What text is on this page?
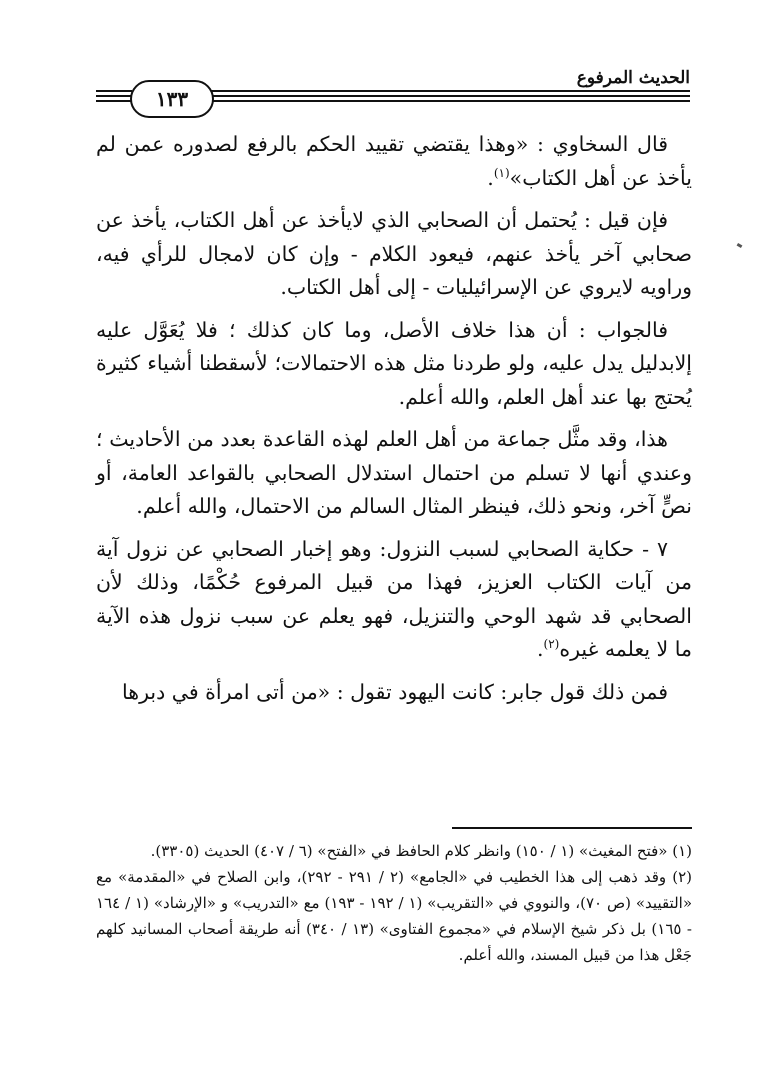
الحديث المرفوع
١٣٣

قال السخاوي : «وهذا يقتضي تقييد الحكم بالرفع لصدوره عمن لم يأخذ عن أهل الكتاب»$^{(١)}$.

فإن قيل : يُحتمل أن الصحابي الذي لايأخذ عن أهل الكتاب، يأخذ عن صحابي آخر يأخذ عنهم، فيعود الكلام - وإن كان لامجال للرأي فيه، وراويه لايروي عن الإسرائيليات - إلى أهل الكتاب.

فالجواب : أن هذا خلاف الأصل، وما كان كذلك ؛ فلا يُعَوَّل عليه إلابدليل يدل عليه، ولو طردنا مثل هذه الاحتمالات؛ لأسقطنا أشياء كثيرة يُحتج بها عند أهل العلم، والله أعلم.

هذا، وقد مثَّل جماعة من أهل العلم لهذه القاعدة بعدد من الأحاديث ؛ وعندي أنها لا تسلم من احتمال استدلال الصحابي بالقواعد العامة، أو نصٍّ آخر، ونحو ذلك، فينظر المثال السالم من الاحتمال، والله أعلم.

٧ - حكاية الصحابي لسبب النزول: وهو إخبار الصحابي عن نزول آية من آيات الكتاب العزيز، فهذا من قبيل المرفوع حُكْمًا، وذلك لأن الصحابي قد شهد الوحي والتنزيل، فهو يعلم عن سبب نزول هذه الآية ما لا يعلمه غيره$^{(٢)}$.

فمن ذلك قول جابر: كانت اليهود تقول : «من أتى امرأة في دبرها

(١) «فتح المغيث» (١ / ١٥٠) وانظر كلام الحافظ في «الفتح» (٦ / ٤٠٧) الحديث (٣٣٠٥).

(٢) وقد ذهب إلى هذا الخطيب في «الجامع» (٢ / ٢٩١ - ٢٩٢)، وابن الصلاح في «المقدمة» مع «التقييد» (ص ٧٠)، والنووي في «التقريب» (١ / ١٩٢ - ١٩٣) مع «التدريب» و «الإرشاد» (١ / ١٦٤ - ١٦٥) بل ذكر شيخ الإسلام في «مجموع الفتاوى» (١٣ / ٣٤٠) أنه طريقة أصحاب المسانيد كلهم جَعْل هذا من قبيل المسند، والله أعلم.
